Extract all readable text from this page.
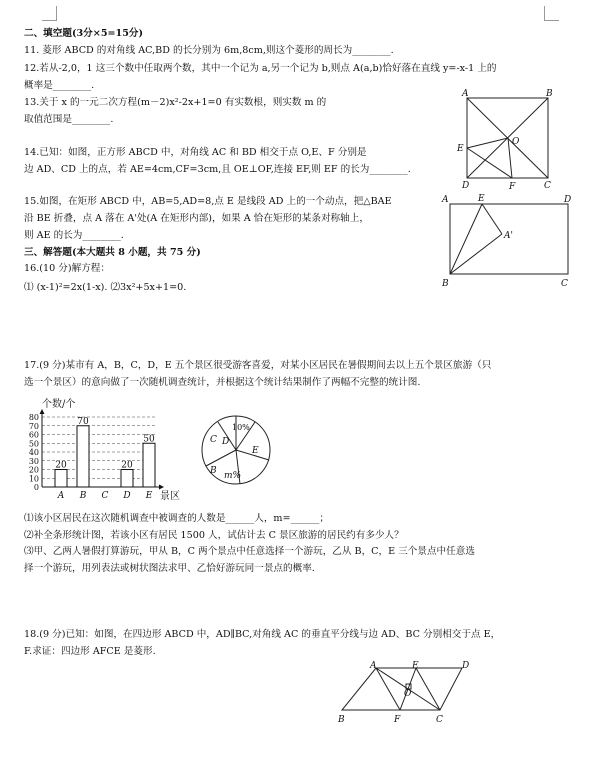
二、填空题(3分×5=15分)
11. 菱形 ABCD 的对角线 AC,BD 的长分别为 6m,8cm,则这个菱形的周长为________.
12.若从-2,0，1 这三个数中任取两个数，其中一个记为 a,另一个记为 b,则点 A(a,b)恰好落在直线 y=-x-1 上的
概率是________.
13.关于 x 的一元二次方程(m－2)x²-2x+1=0 有实数根，则实数 m 的
取值范围是________.
14.已知：如图，正方形 ABCD 中，对角线 AC 和 BD 相交于点 O,E、F 分别是
边 AD、CD 上的点，若 AE=4cm,CF=3cm,且 OE⊥OF,连接 EF,则 EF 的长为________.
15.如图，在矩形 ABCD 中，AB=5,AD=8,点 E 是线段 AD 上的一个动点，把△BAE
沿 BE 折叠，点 A 落在 A'处(A 在矩形内部)，如果 A 恰在矩形的某条对称轴上，
则 AE 的长为________.
三、解答题(本大题共 8 小题，共 75 分)
16.(10 分)解方程：
⑴ (x-1)²=2x(1-x). ⑵3x²+5x+1=0.
17.(9 分)某市有 A，B，C，D，E 五个景区很受游客喜爱，对某小区居民在暑假期间去以上五个景区旅游（只
选一个景区）的意向做了一次随机调查统计，并根据这个统计结果制作了两幅不完整的统计图.
⑴该小区居民在这次随机调查中被调查的人数是______人，m=______；
⑵补全条形统计图，若该小区有居民 1500 人，试估计去 C 景区旅游的居民约有多少人？
⑶甲、乙两人暑假打算游玩，甲从 B，C 两个景点中任意选择一个游玩，乙从 B，C，E 三个景点中任意选
择一个游玩，用列表法或树状图法求甲、乙恰好游玩同一景点的概率.
18.(9 分)已知：如图，在四边形 ABCD 中，AD∥BC,对角线 AC 的垂直平分线与边 AD、BC 分别相交于点 E，
F.求证：四边形 AFCE 是菱形.
A	B
C
D
E
F
O
A	E	D
B	C
A'
个数/个
景区
0
10
20
30
40
50
60
70
80
20
A
70
B C
20
D
50
E
C D
10%
E
B m%
A	E	D
B	F	C
O
